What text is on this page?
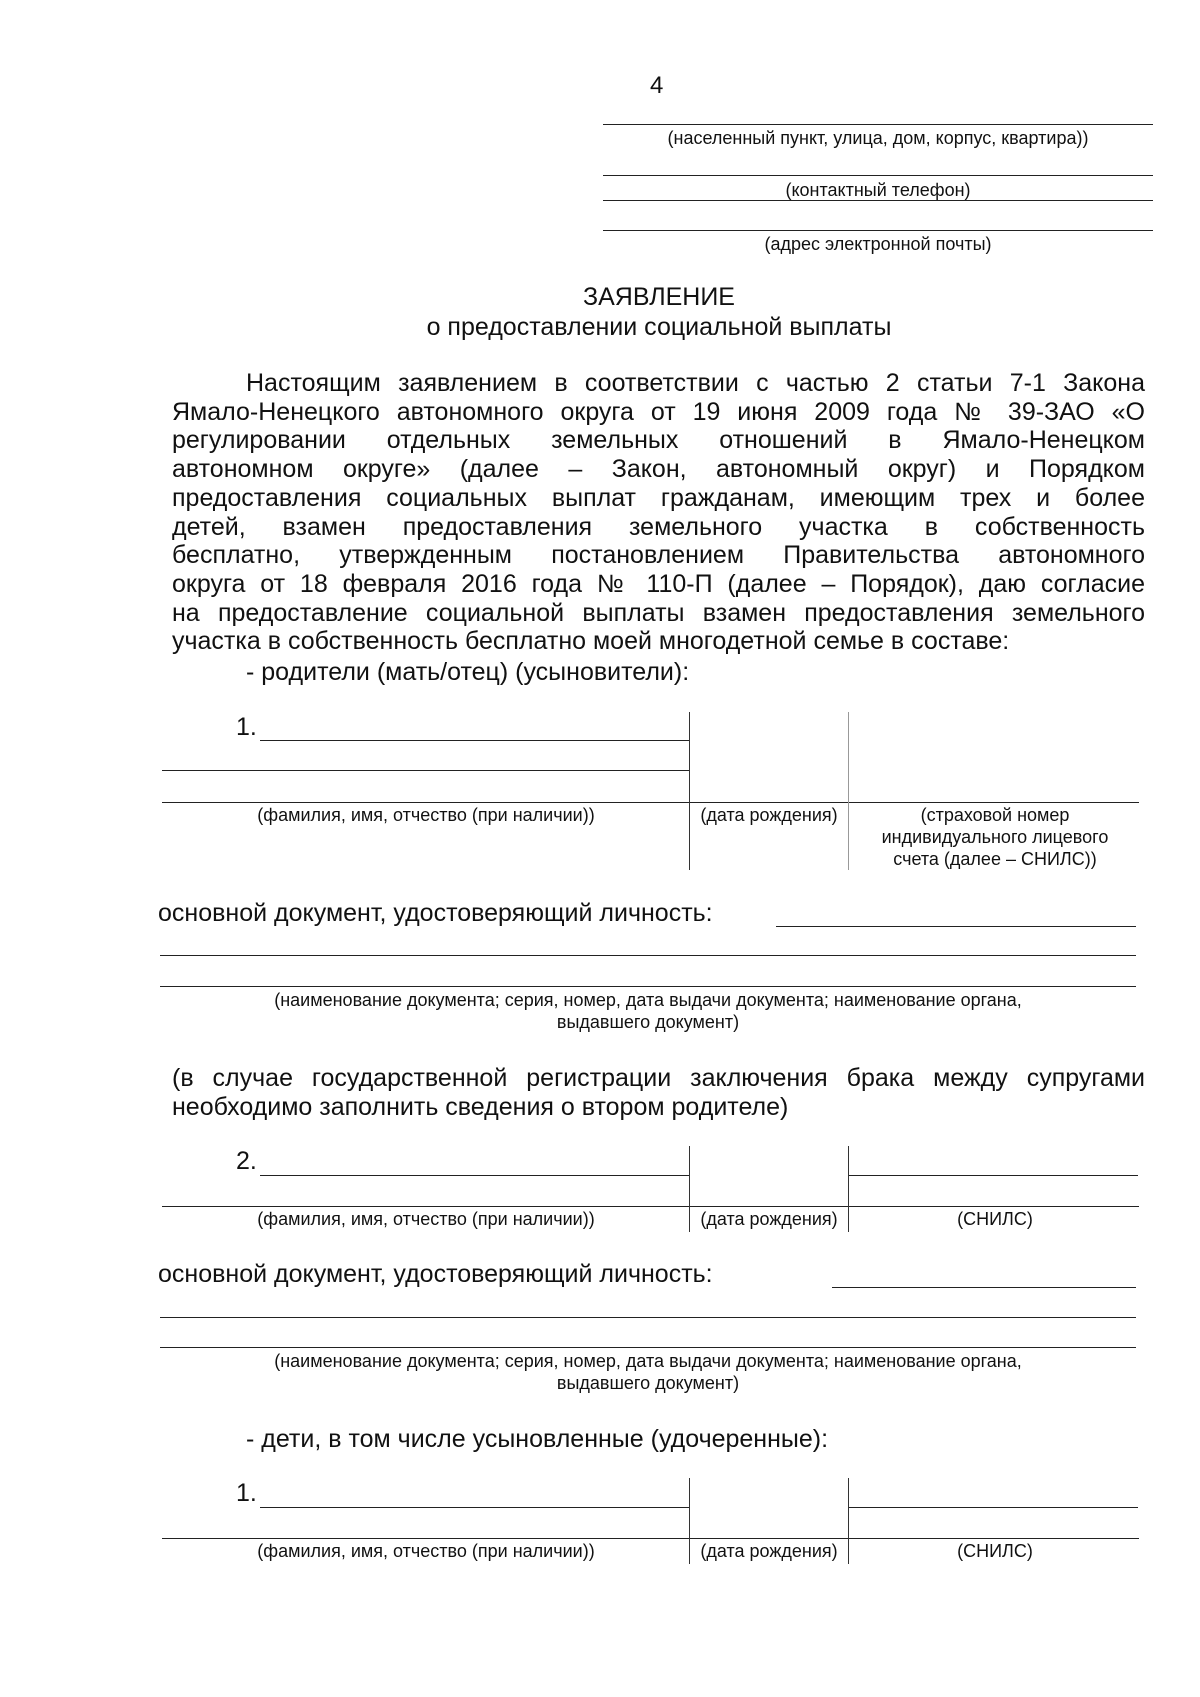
4
(населенный пункт, улица, дом, корпус, квартира))
(контактный телефон)
(адрес электронной почты)
ЗАЯВЛЕНИЕ
о предоставлении социальной выплаты
Настоящим заявлением в соответствии с частью 2 статьи 7-1 Закона
Ямало-Ненецкого автономного округа от 19 июня 2009 года № 39-ЗАО «О
регулировании отдельных земельных отношений в Ямало-Ненецком
автономном округе» (далее – Закон, автономный округ) и Порядком
предоставления социальных выплат гражданам, имеющим трех и более
детей, взамен предоставления земельного участка в собственность
бесплатно, утвержденным постановлением Правительства автономного
округа от 18 февраля 2016 года № 110-П (далее – Порядок), даю согласие
на предоставление социальной выплаты взамен предоставления земельного
участка в собственность бесплатно моей многодетной семье в составе:
- родители (мать/отец) (усыновители):
1.
(фамилия, имя, отчество (при наличии))	(дата рождения)	(страховой номер
индивидуального лицевого
счета (далее – СНИЛС))
основной документ, удостоверяющий личность:
(наименование документа; серия, номер, дата выдачи документа; наименование органа,
выдавшего документ)
(в случае государственной регистрации заключения брака между супругами
необходимо заполнить сведения о втором родителе)
2.
(фамилия, имя, отчество (при наличии))	(дата рождения)	(СНИЛС)
основной документ, удостоверяющий личность:
(наименование документа; серия, номер, дата выдачи документа; наименование органа,
выдавшего документ)
- дети, в том числе усыновленные (удочеренные):
1.
(фамилия, имя, отчество (при наличии))	(дата рождения)	(СНИЛС)
